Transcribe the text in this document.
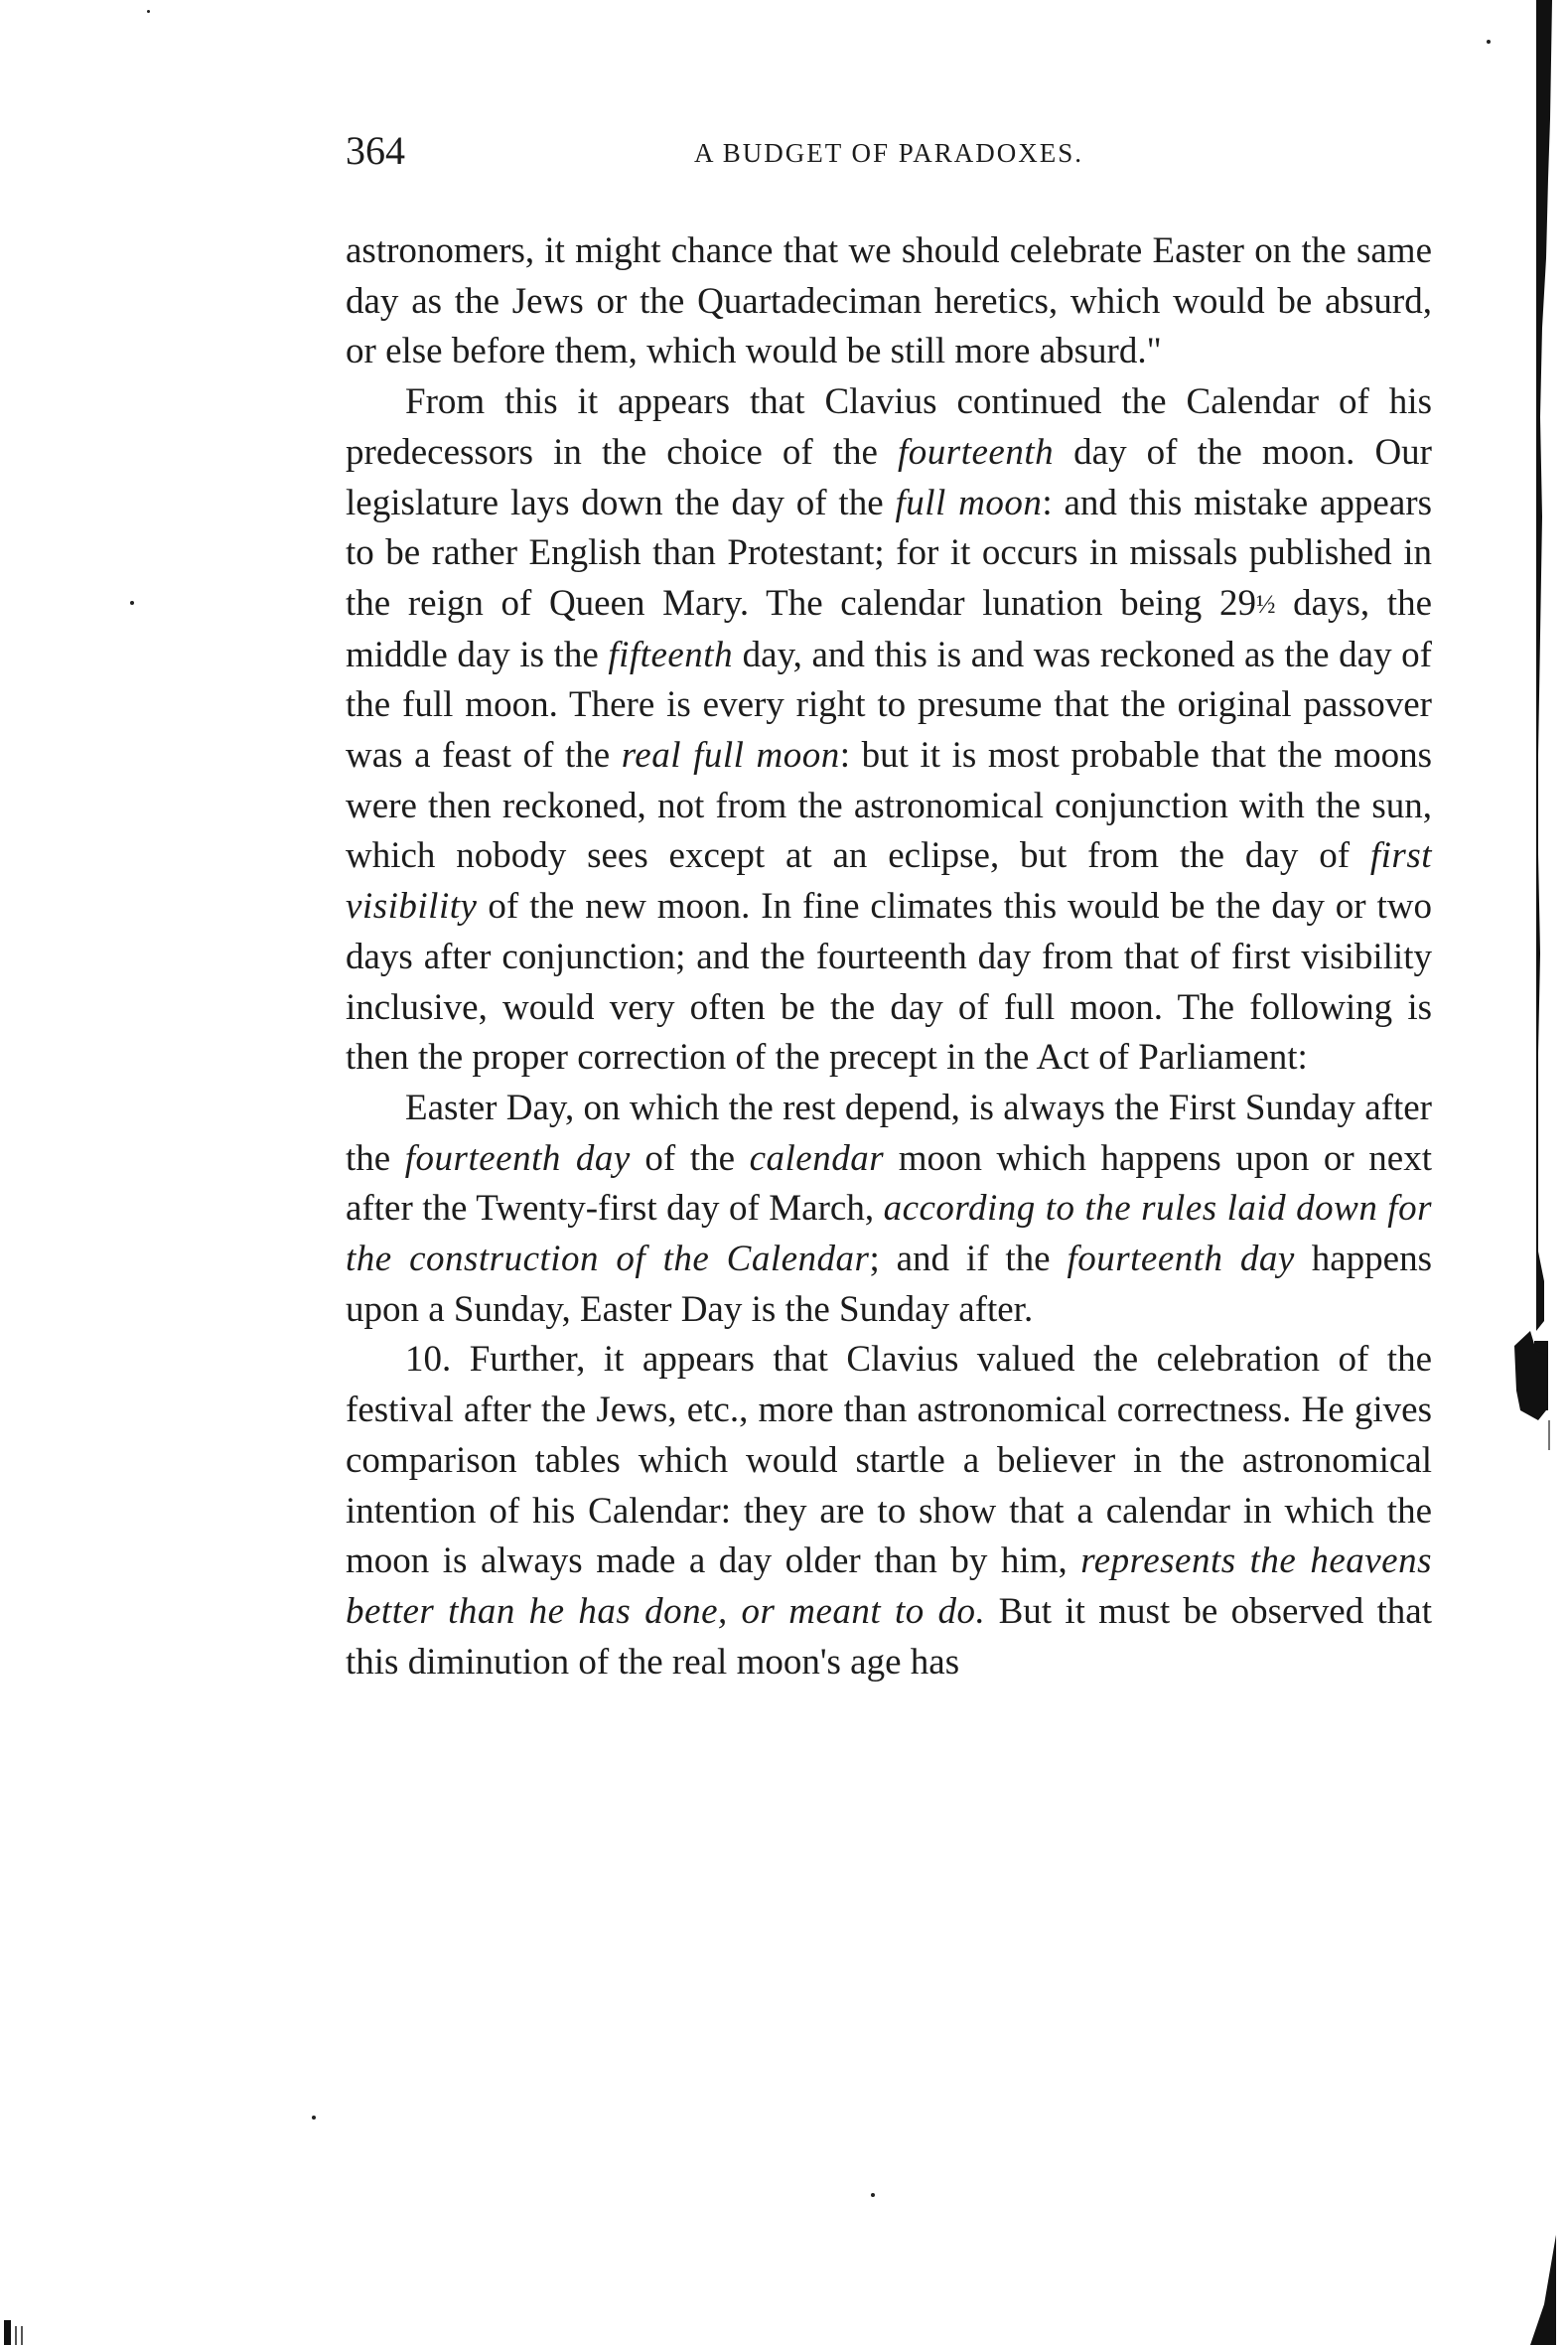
364	A BUDGET OF PARADOXES.

astronomers, it might chance that we should celebrate Easter on the same day as the Jews or the Quartadeciman heretics, which would be absurd, or else before them, which would be still more absurd."

From this it appears that Clavius continued the Calendar of his predecessors in the choice of the fourteenth day of the moon. Our legislature lays down the day of the full moon: and this mistake appears to be rather English than Protestant; for it occurs in missals published in the reign of Queen Mary. The calendar lunation being 29½ days, the middle day is the fifteenth day, and this is and was reckoned as the day of the full moon. There is every right to presume that the original passover was a feast of the real full moon: but it is most probable that the moons were then reckoned, not from the astronomical conjunction with the sun, which nobody sees except at an eclipse, but from the day of first visibility of the new moon. In fine climates this would be the day or two days after conjunction; and the fourteenth day from that of first visibility inclusive, would very often be the day of full moon. The following is then the proper correction of the precept in the Act of Parliament:

Easter Day, on which the rest depend, is always the First Sunday after the fourteenth day of the calendar moon which happens upon or next after the Twenty-first day of March, according to the rules laid down for the construction of the Calendar; and if the fourteenth day happens upon a Sunday, Easter Day is the Sunday after.

10. Further, it appears that Clavius valued the celebration of the festival after the Jews, etc., more than astronomical correctness. He gives comparison tables which would startle a believer in the astronomical intention of his Calendar: they are to show that a calendar in which the moon is always made a day older than by him, represents the heavens better than he has done, or meant to do. But it must be observed that this diminution of the real moon's age has
